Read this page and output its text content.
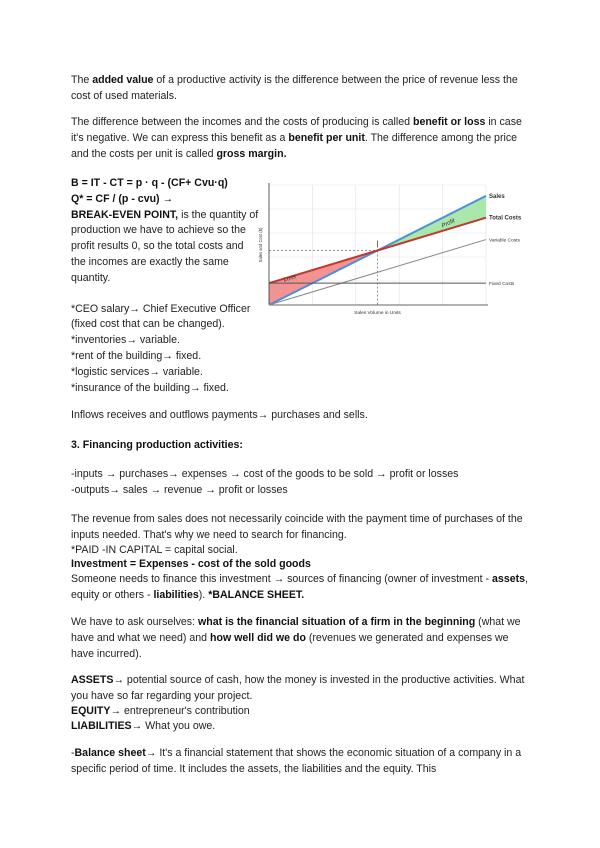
The added value of a productive activity is the difference between the price of revenue less the cost of used materials.

The difference between the incomes and the costs of producing is called benefit or loss in case it's negative. We can express this benefit as a benefit per unit. The difference among the price and the costs per unit is called gross margin.

B = IT - CT = p · q - (CF+ Cvu·q)

Q* = CF / (p - cvu) →

BREAK-EVEN POINT, is the quantity of production we have to achieve so the profit results 0, so the total costs and the incomes are exactly the same quantity.

*CEO salary→ Chief Executive Officer (fixed cost that can be changed).

*inventories→ variable.

*rent of the building→ fixed.

*logistic services→ variable.

*insurance of the building→ fixed.

Sales
Total Costs
Variable Costs
Fixed Costs
Profit
Loss
Sales Volume in Units
Sales and Cost ($)

Inflows receives and outflows payments→ purchases and sells.

3. Financing production activities:

-inputs → purchases→ expenses → cost of the goods to be sold → profit or losses

-outputs→ sales → revenue → profit or losses

The revenue from sales does not necessarily coincide with the payment time of purchases of the inputs needed. That's why we need to search for financing.

*PAID -IN CAPITAL = capital social.

Investment = Expenses - cost of the sold goods

Someone needs to finance this investment → sources of financing (owner of investment - assets, equity or others - liabilities). *BALANCE SHEET.

We have to ask ourselves: what is the financial situation of a firm in the beginning (what we have and what we need) and how well did we do (revenues we generated and expenses we have incurred).

ASSETS→ potential source of cash, how the money is invested in the productive activities. What you have so far regarding your project.

EQUITY→ entrepreneur's contribution

LIABILITIES→ What you owe.

-Balance sheet→ It's a financial statement that shows the economic situation of a company in a specific period of time. It includes the assets, the liabilities and the equity. This
